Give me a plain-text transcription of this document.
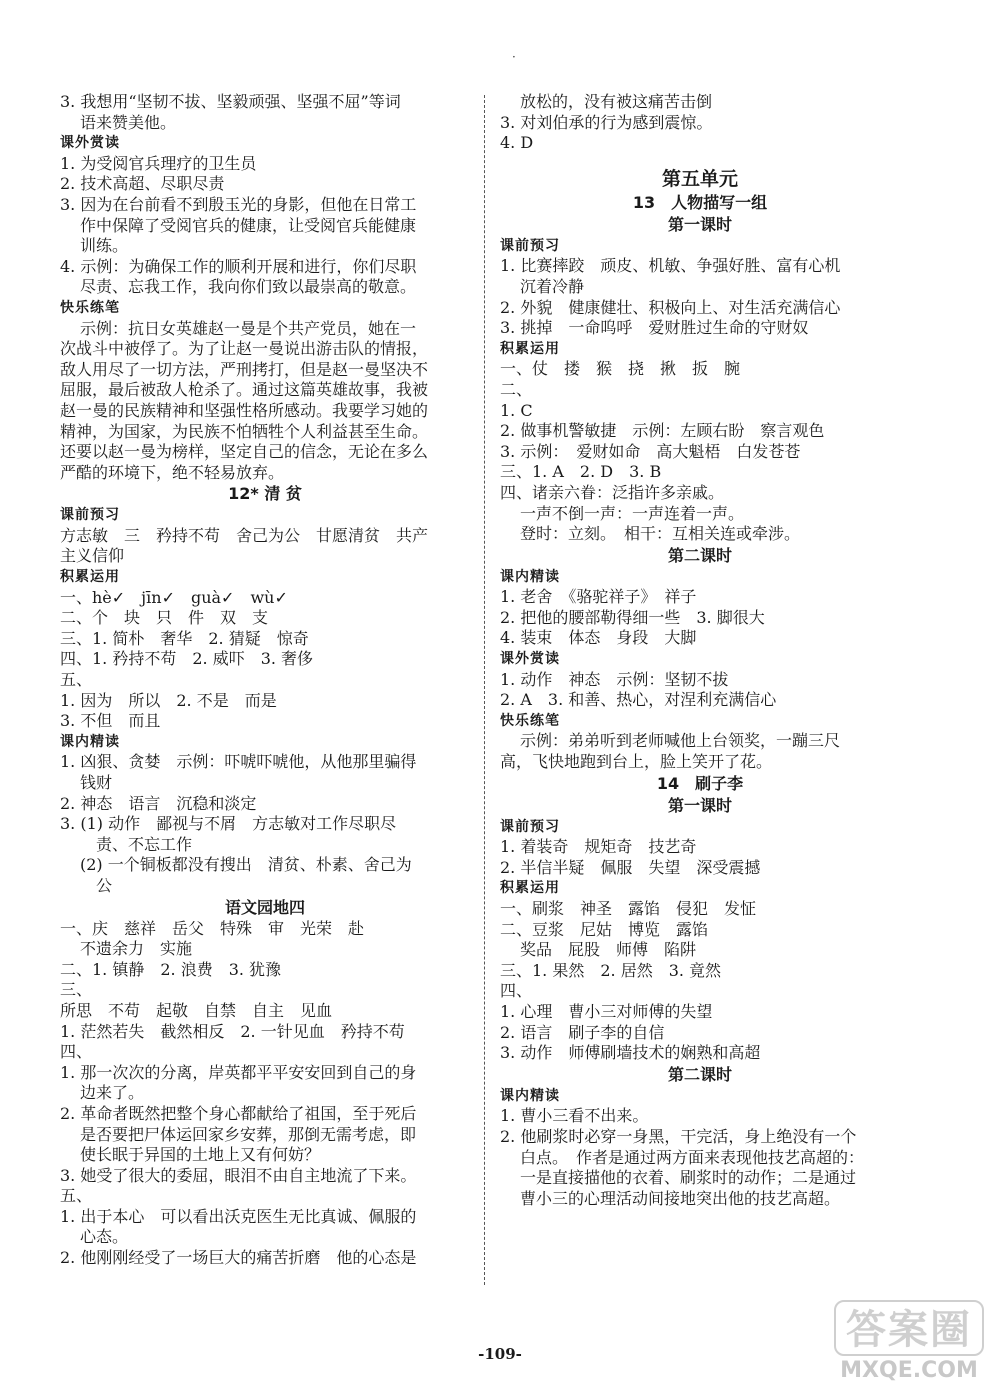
·
3. 我想用“坚韧不拔、坚毅顽强、坚强不屈”等词
语来赞美他。
课外赏读
1. 为受阅官兵理疗的卫生员
2. 技术高超、尽职尽责
3. 因为在台前看不到殷玉光的身影，但他在日常工
作中保障了受阅官兵的健康，让受阅官兵能健康
训练。
4. 示例：为确保工作的顺利开展和进行，你们尽职
尽责、忘我工作，我向你们致以最崇高的敬意。
快乐练笔
示例：抗日女英雄赵一曼是个共产党员，她在一
次战斗中被俘了。为了让赵一曼说出游击队的情报，
敌人用尽了一切方法，严刑拷打，但是赵一曼坚决不
屈服，最后被敌人枪杀了。通过这篇英雄故事，我被
赵一曼的民族精神和坚强性格所感动。我要学习她的
精神，为国家，为民族不怕牺牲个人利益甚至生命。
还要以赵一曼为榜样，坚定自己的信念，无论在多么
严酷的环境下，绝不轻易放弃。
12* 清 贫
课前预习
方志敏　三　矜持不苟　舍己为公　甘愿清贫　共产
主义信仰
积累运用
一、hè✓　jīn✓　guà✓　wù✓
二、个　块　只　件　双　支
三、1. 简朴　奢华　2. 猜疑　惊奇
四、1. 矜持不苟　2. 威吓　3. 奢侈
五、
1. 因为　所以　2. 不是　而是
3. 不但　而且
课内精读
1. 凶狠、贪婪　示例：吓唬吓唬他，从他那里骗得
钱财
2. 神态　语言　沉稳和淡定
3. (1) 动作　鄙视与不屑　方志敏对工作尽职尽
责、不忘工作
(2) 一个铜板都没有搜出　清贫、朴素、舍己为
公
语文园地四
一、庆　慈祥　岳父　特殊　审　光荣　赴
不遗余力　实施
二、1. 镇静　2. 浪费　3. 犹豫
三、
所思　不苟　起敬　自禁　自主　见血
1. 茫然若失　截然相反　2. 一针见血　矜持不苟
四、
1. 那一次次的分离，岸英都平平安安回到自己的身
边来了。
2. 革命者既然把整个身心都献给了祖国，至于死后
是否要把尸体运回家乡安葬，那倒无需考虑，即
使长眠于异国的土地上又有何妨？
3. 她受了很大的委屈，眼泪不由自主地流了下来。
五、
1. 出于本心　可以看出沃克医生无比真诚、佩服的
心态。
2. 他刚刚经受了一场巨大的痛苦折磨　他的心态是
放松的，没有被这痛苦击倒
3. 对刘伯承的行为感到震惊。
4. D
第五单元
13　人物描写一组
第一课时
课前预习
1. 比赛摔跤　顽皮、机敏、争强好胜、富有心机
沉着冷静
2. 外貌　健康健壮、积极向上、对生活充满信心
3. 挑掉　一命呜呼　爱财胜过生命的守财奴
积累运用
一、仗　搂　猴　挠　揪　扳　腕
二、
1. C
2. 做事机警敏捷　示例：左顾右盼　察言观色
3. 示例：　爱财如命　高大魁梧　白发苍苍
三、1. A　2. D　3. B
四、诸亲六眷：泛指许多亲戚。
一声不倒一声：一声连着一声。
登时：立刻。　相干：互相关连或牵涉。
第二课时
课内精读
1. 老舍　《骆驼祥子》　祥子
2. 把他的腰部勒得细一些　3. 脚很大
4. 装束　体态　身段　大脚
课外赏读
1. 动作　神态　示例：坚韧不拔
2. A　3. 和善、热心，对涅利充满信心
快乐练笔
示例：弟弟听到老师喊他上台领奖，一蹦三尺
高，飞快地跑到台上，脸上笑开了花。
14　刷子李
第一课时
课前预习
1. 着装奇　规矩奇　技艺奇
2. 半信半疑　佩服　失望　深受震撼
积累运用
一、刷浆　神圣　露馅　侵犯　发怔
二、豆浆　尼姑　博览　露馅
奖品　屁股　师傅　陷阱
三、1. 果然　2. 居然　3. 竟然
四、
1. 心理　曹小三对师傅的失望
2. 语言　刷子李的自信
3. 动作　师傅刷墙技术的娴熟和高超
第二课时
课内精读
1. 曹小三看不出来。
2. 他刷浆时必穿一身黑，干完活，身上绝没有一个
白点。　作者是通过两方面来表现他技艺高超的：
一是直接描他的衣着、刷浆时的动作；二是通过
曹小三的心理活动间接地突出他的技艺高超。
-109-
答案圈
MXQE.COM
